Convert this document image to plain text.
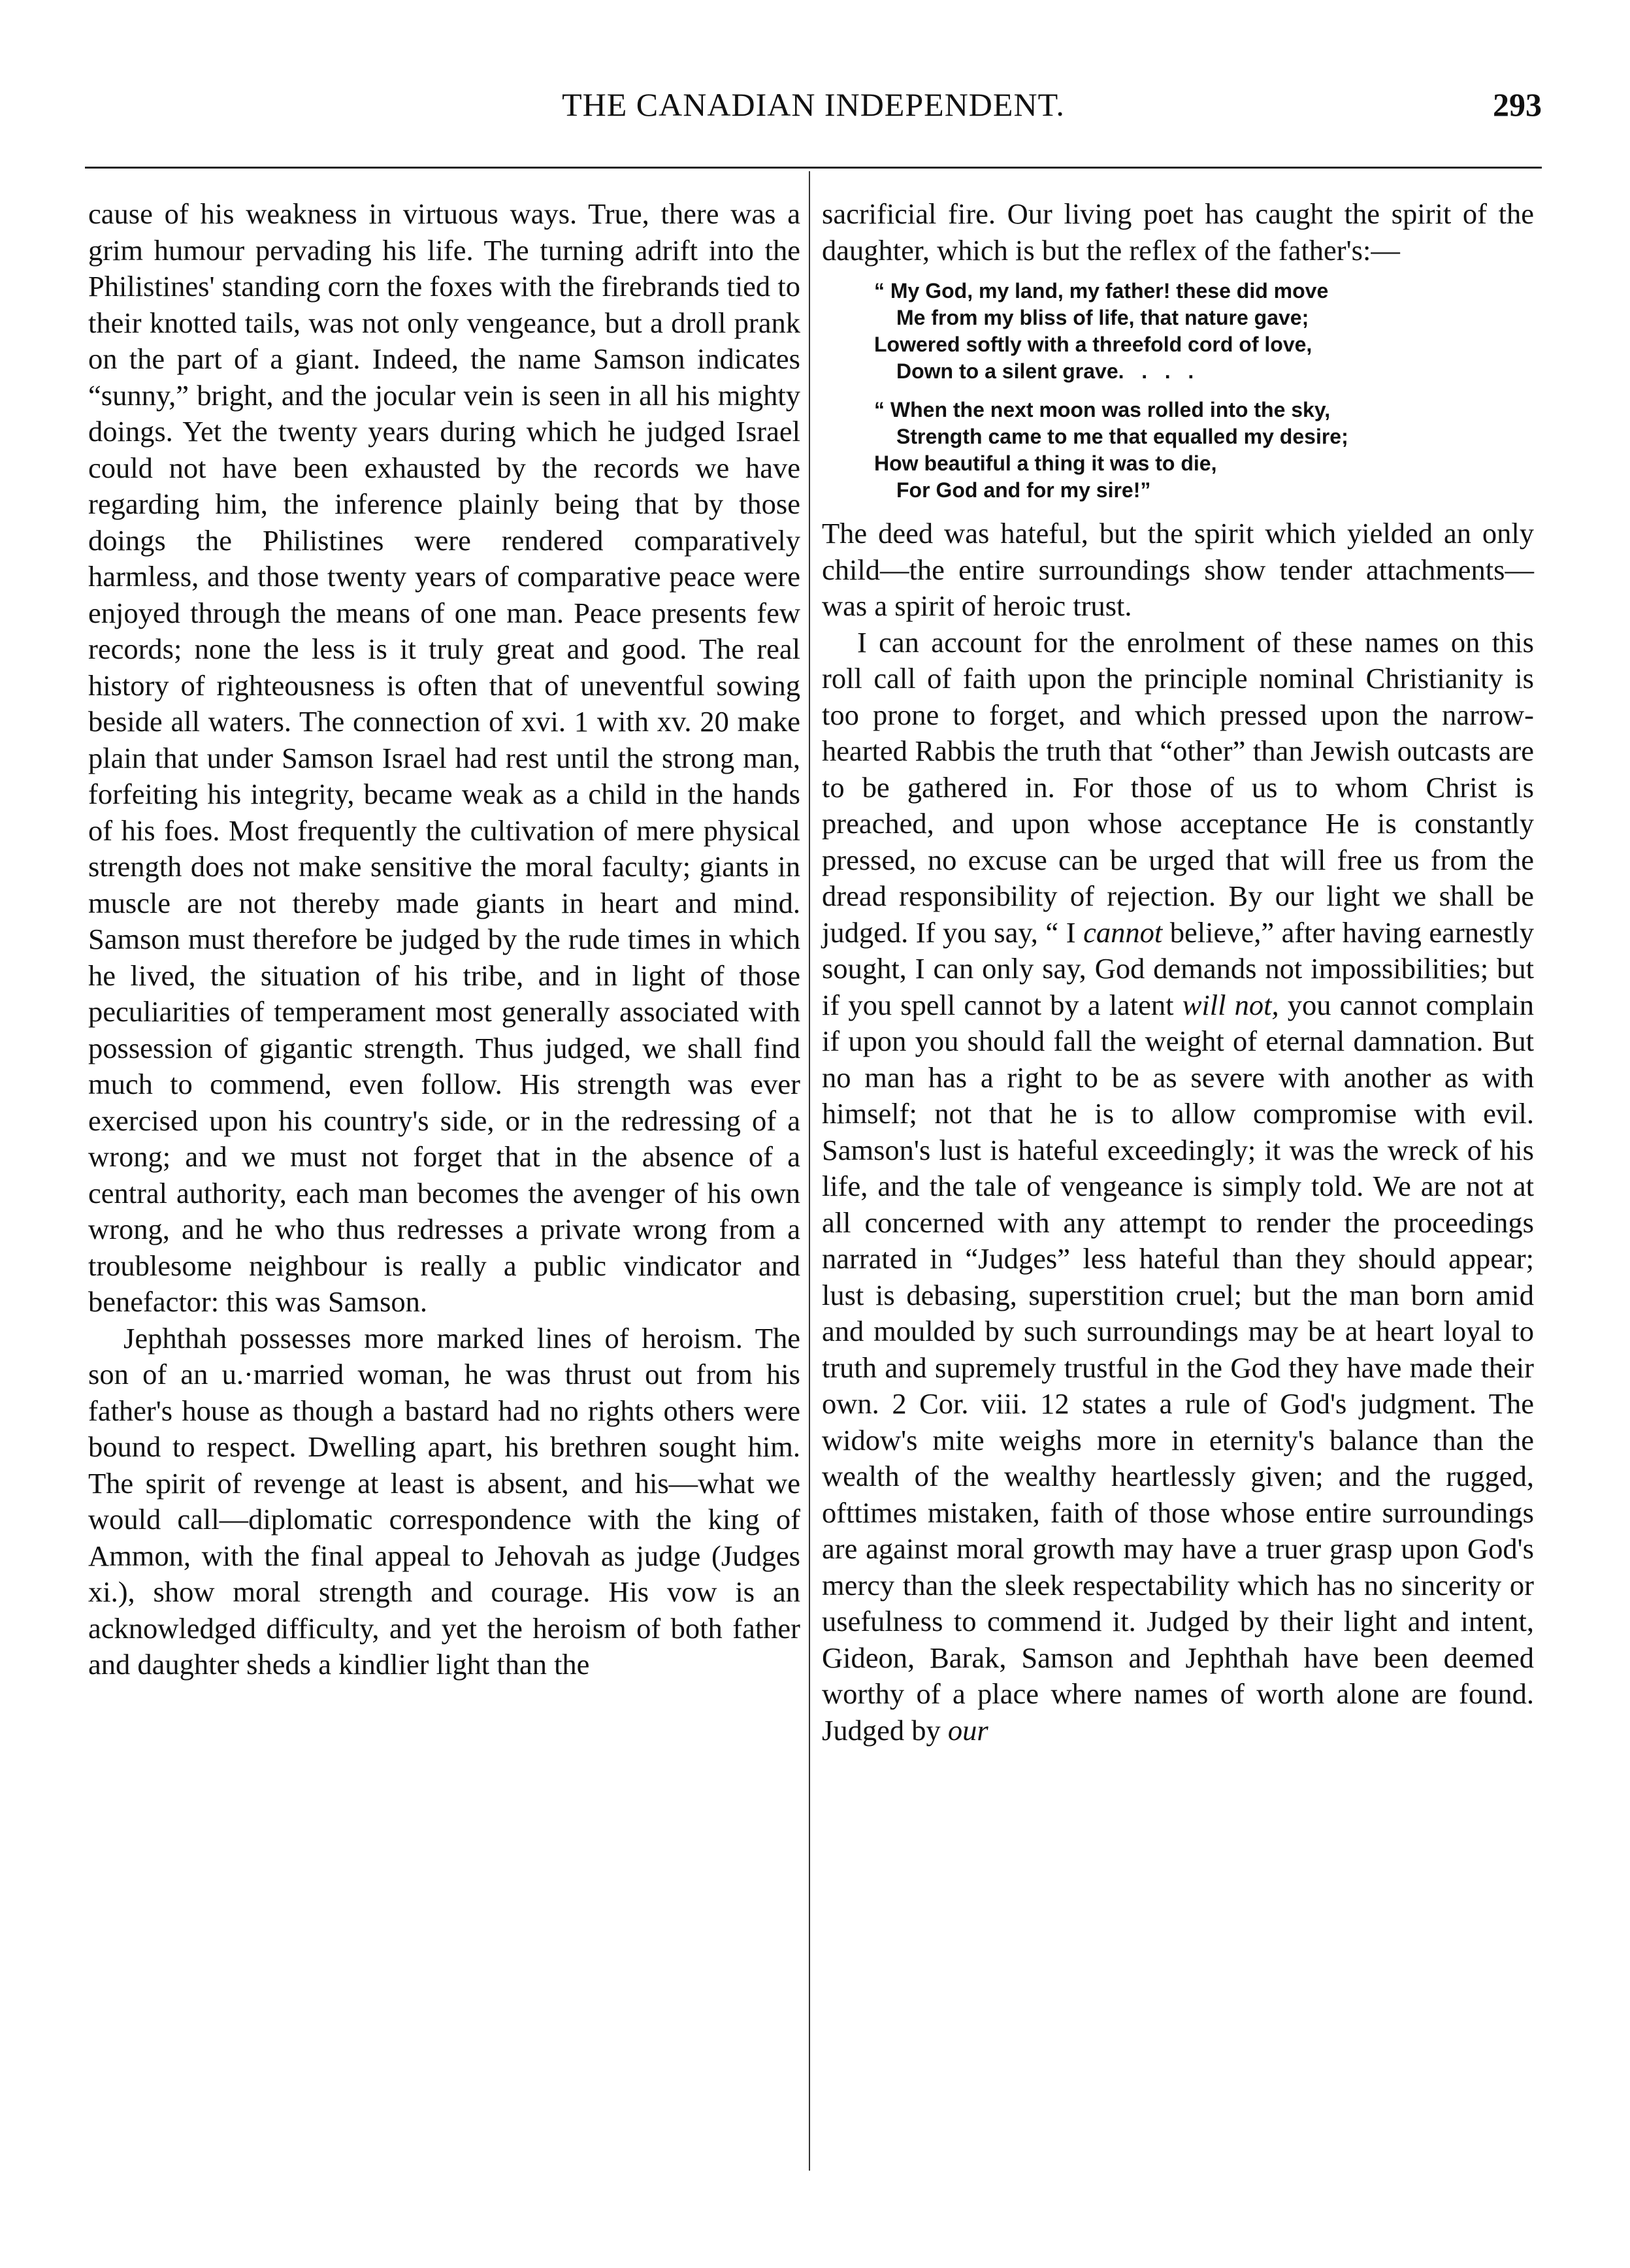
THE CANADIAN INDEPENDENT.	293

cause of his weakness in virtuous ways. True, there was a grim humour pervading his life. The turning adrift into the Philistines' standing corn the foxes with the firebrands tied to their knotted tails, was not only vengeance, but a droll prank on the part of a giant. Indeed, the name Samson indicates “sunny,” bright, and the jocular vein is seen in all his mighty doings. Yet the twenty years during which he judged Israel could not have been exhausted by the records we have regarding him, the inference plainly being that by those doings the Philistines were rendered comparatively harmless, and those twenty years of comparative peace were enjoyed through the means of one man. Peace presents few records; none the less is it truly great and good. The real history of righteousness is often that of uneventful sowing beside all waters. The connection of xvi. 1 with xv. 20 make plain that under Samson Israel had rest until the strong man, forfeiting his integrity, became weak as a child in the hands of his foes. Most frequently the cultivation of mere physical strength does not make sensitive the moral faculty; giants in muscle are not thereby made giants in heart and mind. Samson must therefore be judged by the rude times in which he lived, the situation of his tribe, and in light of those peculiarities of temperament most generally associated with possession of gigantic strength. Thus judged, we shall find much to commend, even follow. His strength was ever exercised upon his country's side, or in the redressing of a wrong; and we must not forget that in the absence of a central authority, each man becomes the avenger of his own wrong, and he who thus redresses a private wrong from a troublesome neighbour is really a public vindicator and benefactor: this was Samson.

Jephthah possesses more marked lines of heroism. The son of an u.·married woman, he was thrust out from his father's house as though a bastard had no rights others were bound to respect. Dwelling apart, his brethren sought him. The spirit of revenge at least is absent, and his—what we would call—diplomatic correspondence with the king of Ammon, with the final appeal to Jehovah as judge (Judges xi.), show moral strength and courage. His vow is an acknowledged difficulty, and yet the heroism of both father and daughter sheds a kindlier light than the

sacrificial fire. Our living poet has caught the spirit of the daughter, which is but the reflex of the father's:—

“ My God, my land, my father! these did move
Me from my bliss of life, that nature gave;
Lowered softly with a threefold cord of love,
Down to a silent grave.   .   .   .
“ When the next moon was rolled into the sky,
Strength came to me that equalled my desire;
How beautiful a thing it was to die,
For God and for my sire!”

The deed was hateful, but the spirit which yielded an only child—the entire surroundings show tender attachments—was a spirit of heroic trust.

I can account for the enrolment of these names on this roll call of faith upon the principle nominal Christianity is too prone to forget, and which pressed upon the narrow-hearted Rabbis the truth that “other” than Jewish outcasts are to be gathered in. For those of us to whom Christ is preached, and upon whose acceptance He is constantly pressed, no excuse can be urged that will free us from the dread responsibility of rejection. By our light we shall be judged. If you say, “ I cannot believe,” after having earnestly sought, I can only say, God demands not impossibilities; but if you spell cannot by a latent will not, you cannot complain if upon you should fall the weight of eternal damnation. But no man has a right to be as severe with another as with himself; not that he is to allow compromise with evil. Samson's lust is hateful exceedingly; it was the wreck of his life, and the tale of vengeance is simply told. We are not at all concerned with any attempt to render the proceedings narrated in “Judges” less hateful than they should appear; lust is debasing, superstition cruel; but the man born amid and moulded by such surroundings may be at heart loyal to truth and supremely trustful in the God they have made their own. 2 Cor. viii. 12 states a rule of God's judgment. The widow's mite weighs more in eternity's balance than the wealth of the wealthy heartlessly given; and the rugged, ofttimes mistaken, faith of those whose entire surroundings are against moral growth may have a truer grasp upon God's mercy than the sleek respectability which has no sincerity or usefulness to commend it. Judged by their light and intent, Gideon, Barak, Samson and Jephthah have been deemed worthy of a place where names of worth alone are found. Judged by our
